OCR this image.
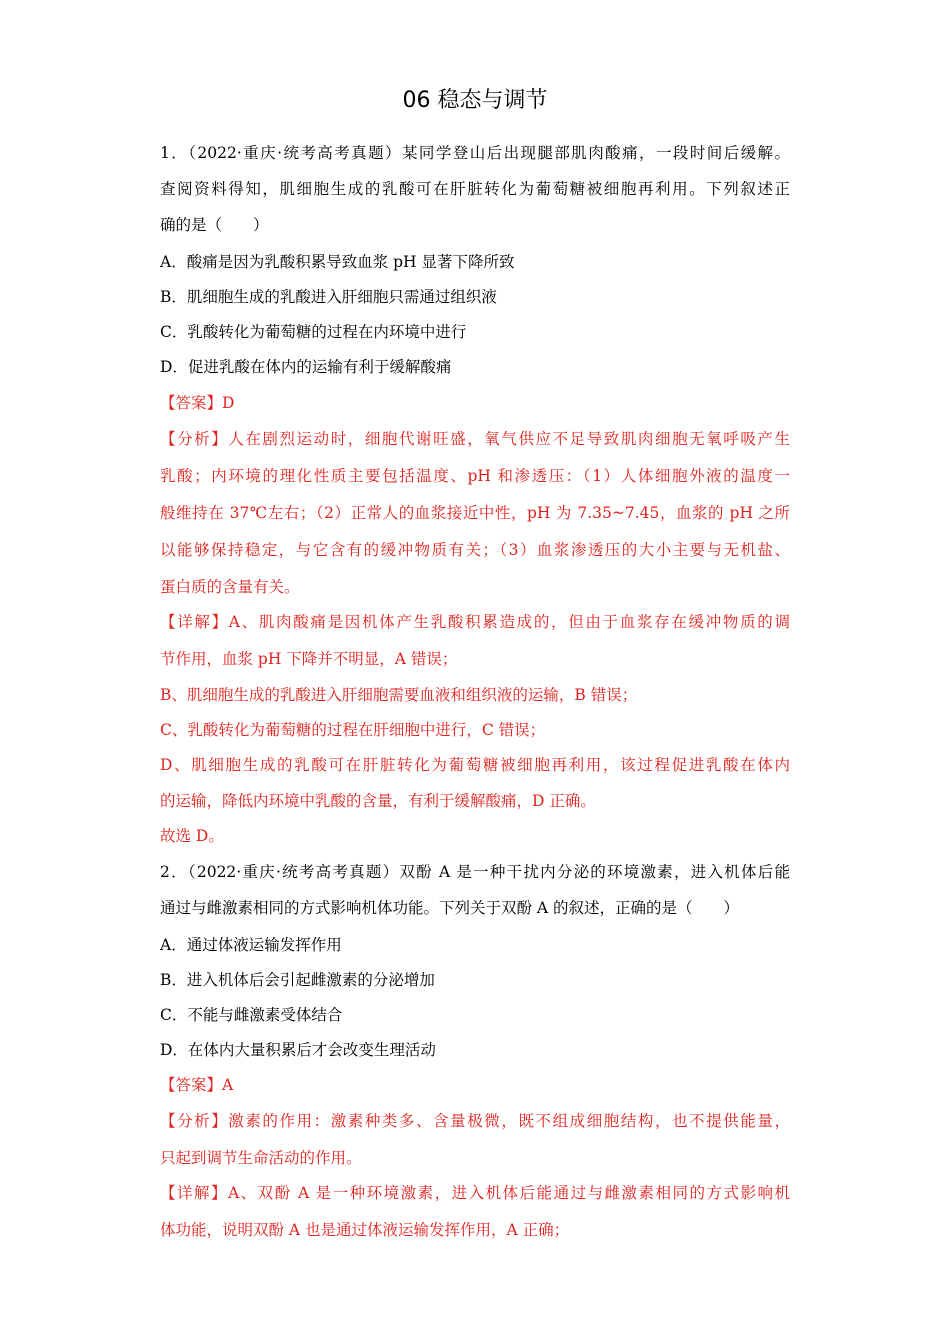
06 稳态与调节
1．（2022·重庆·统考高考真题）某同学登山后出现腿部肌肉酸痛，一段时间后缓解。
查阅资料得知，肌细胞生成的乳酸可在肝脏转化为葡萄糖被细胞再利用。下列叙述正
确的是（　　）
A．酸痛是因为乳酸积累导致血浆 pH 显著下降所致
B．肌细胞生成的乳酸进入肝细胞只需通过组织液
C．乳酸转化为葡萄糖的过程在内环境中进行
D．促进乳酸在体内的运输有利于缓解酸痛
【答案】D
【分析】人在剧烈运动时，细胞代谢旺盛，氧气供应不足导致肌肉细胞无氧呼吸产生
乳酸；内环境的理化性质主要包括温度、pH 和渗透压：（1）人体细胞外液的温度一
般维持在 37℃左右；（2）正常人的血浆接近中性，pH 为 7.35~7.45，血浆的 pH 之所
以能够保持稳定，与它含有的缓冲物质有关；（3）血浆渗透压的大小主要与无机盐、
蛋白质的含量有关。
【详解】A、肌肉酸痛是因机体产生乳酸积累造成的，但由于血浆存在缓冲物质的调
节作用，血浆 pH 下降并不明显，A 错误；
B、肌细胞生成的乳酸进入肝细胞需要血液和组织液的运输，B 错误；
C、乳酸转化为葡萄糖的过程在肝细胞中进行，C 错误；
D、肌细胞生成的乳酸可在肝脏转化为葡萄糖被细胞再利用，该过程促进乳酸在体内
的运输，降低内环境中乳酸的含量，有利于缓解酸痛，D 正确。
故选 D。
2．（2022·重庆·统考高考真题）双酚 A 是一种干扰内分泌的环境激素，进入机体后能
通过与雌激素相同的方式影响机体功能。下列关于双酚 A 的叙述，正确的是（　　）
A．通过体液运输发挥作用
B．进入机体后会引起雌激素的分泌增加
C．不能与雌激素受体结合
D．在体内大量积累后才会改变生理活动
【答案】A
【分析】激素的作用：激素种类多、含量极微，既不组成细胞结构，也不提供能量，
只起到调节生命活动的作用。
【详解】A、双酚 A 是一种环境激素，进入机体后能通过与雌激素相同的方式影响机
体功能，说明双酚 A 也是通过体液运输发挥作用，A 正确；
